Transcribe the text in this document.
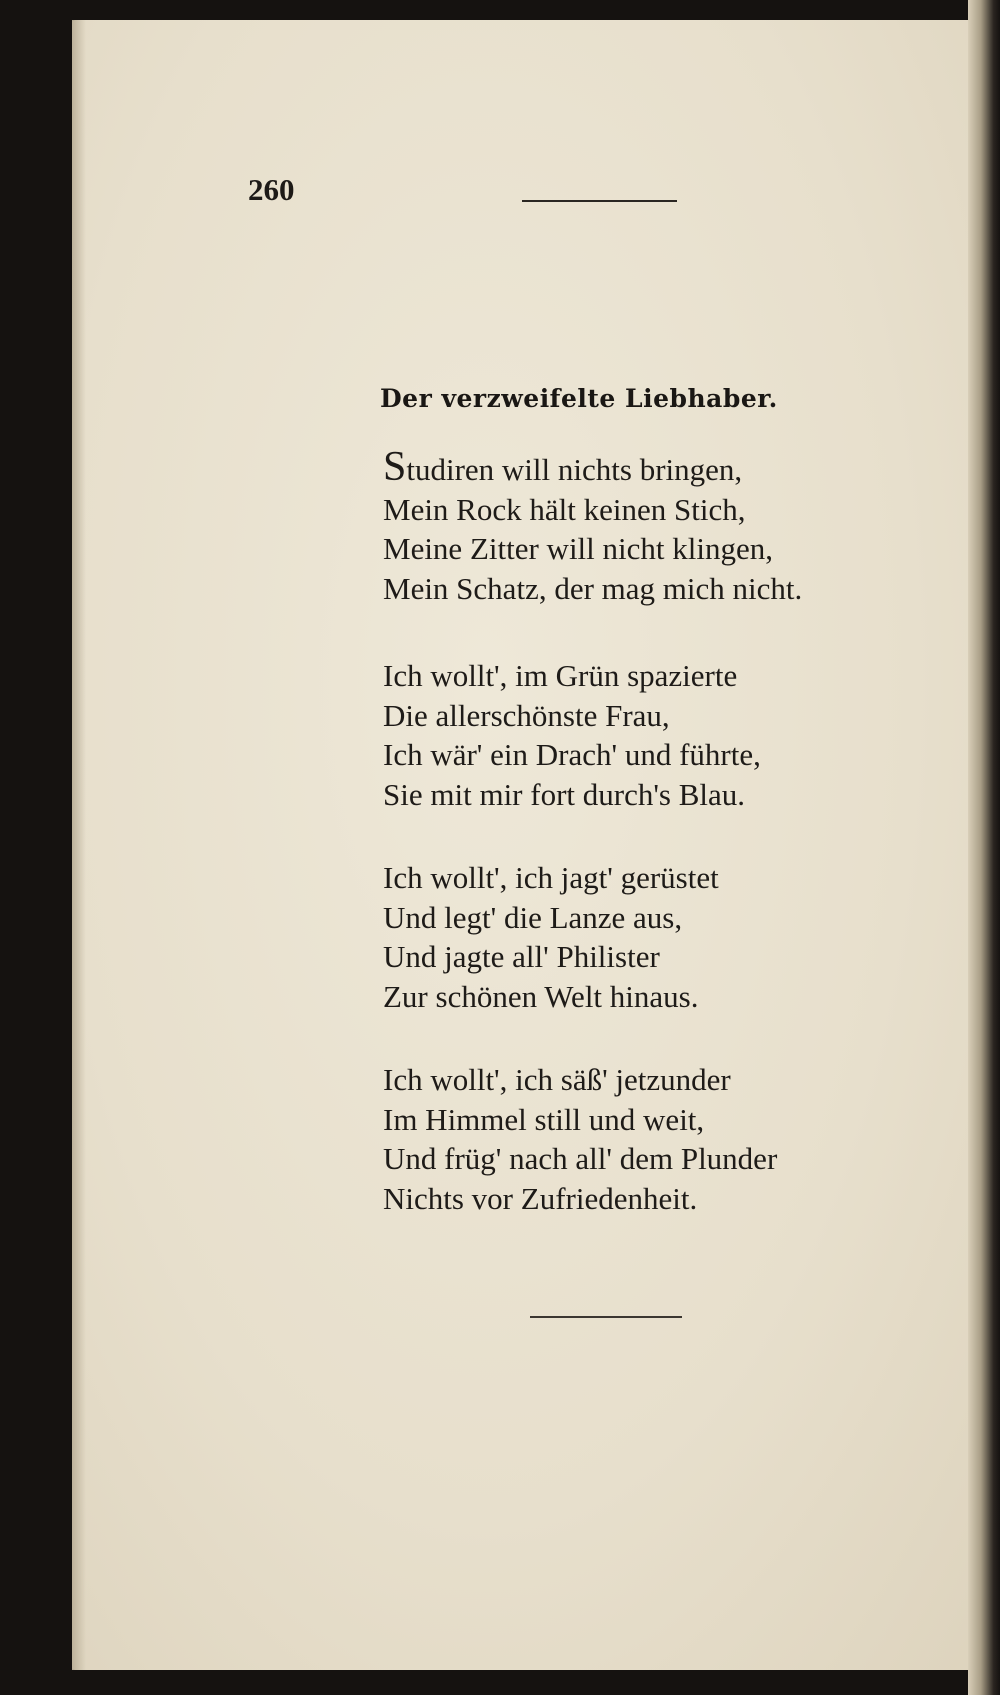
260
Der verzweifelte Liebhaber.
Studiren will nichts bringen,
Mein Rock hält keinen Stich,
Meine Zitter will nicht klingen,
Mein Schatz, der mag mich nicht.
Ich wollt', im Grün spazierte
Die allerschönste Frau,
Ich wär' ein Drach' und führte,
Sie mit mir fort durch's Blau.
Ich wollt', ich jagt' gerüstet
Und legt' die Lanze aus,
Und jagte all' Philister
Zur schönen Welt hinaus.
Ich wollt', ich säß' jetzunder
Im Himmel still und weit,
Und früg' nach all' dem Plunder
Nichts vor Zufriedenheit.
